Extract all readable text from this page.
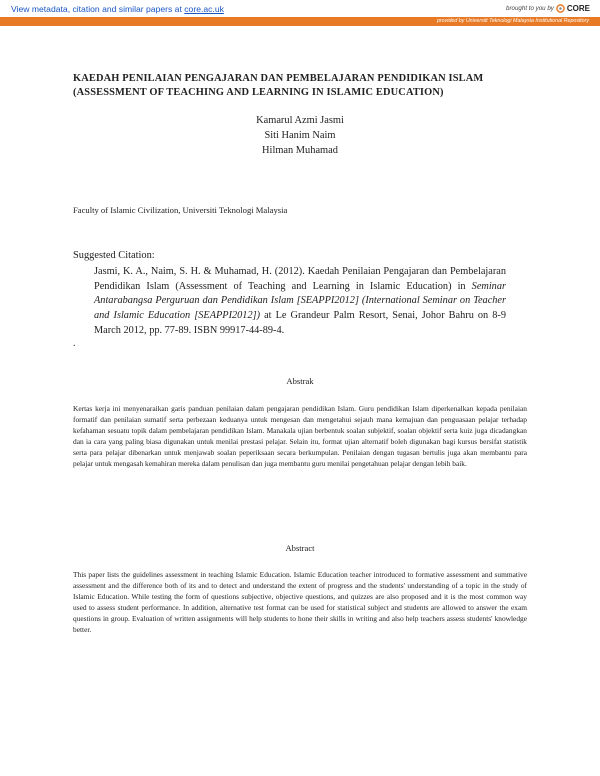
View metadata, citation and similar papers at core.ac.uk	brought to you by CORE
provided by Universiti Teknologi Malaysia Institutional Repository
KAEDAH PENILAIAN PENGAJARAN DAN PEMBELAJARAN PENDIDIKAN ISLAM
(ASSESSMENT OF TEACHING AND LEARNING IN ISLAMIC EDUCATION)
Kamarul Azmi Jasmi
Siti Hanim Naim
Hilman Muhamad
Faculty of Islamic Civilization, Universiti Teknologi Malaysia
Suggested Citation:
Jasmi, K. A., Naim, S. H. & Muhamad, H. (2012). Kaedah Penilaian Pengajaran dan Pembelajaran Pendidikan Islam (Assessment of Teaching and Learning in Islamic Education) in Seminar Antarabangsa Perguruan dan Pendidikan Islam [SEAPPI2012] (International Seminar on Teacher and Islamic Education [SEAPPI2012]) at Le Grandeur Palm Resort, Senai, Johor Bahru on 8-9 March 2012, pp. 77-89. ISBN 99917-44-89-4.
.
Abstrak
Kertas kerja ini menyenaraikan garis panduan penilaian dalam pengajaran pendidikan Islam. Guru pendidikan Islam diperkenalkan kepada penilaian formatif dan penilaian sumatif serta perbezaan keduanya untuk mengesan dan mengetahui sejauh mana kemajuan dan penguasaan pelajar terhadap kefahaman sesuatu topik dalam pembelajaran pendidikan Islam. Manakala ujian berbentuk soalan subjektif, soalan objektif serta kuiz juga dicadangkan dan ia cara yang paling biasa digunakan untuk menilai prestasi pelajar. Selain itu, format ujian alternatif boleh digunakan bagi kursus bersifat statistik serta para pelajar dibenarkan untuk menjawab soalan peperiksaan secara berkumpulan. Penilaian dengan tugasan bertulis juga akan membantu para pelajar untuk mengasah kemahiran mereka dalam penulisan dan juga membantu guru menilai pengetahuan pelajar dengan lebih baik.
Abstract
This paper lists the guidelines assessment in teaching Islamic Education. Islamic Education teacher introduced to formative assessment and summative assessment and the difference both of its and to detect and understand the extent of progress and the students' understanding of a topic in the study of Islamic Education. While testing the form of questions subjective, objective questions, and quizzes are also proposed and it is the most common way used to assess student performance. In addition, alternative test format can be used for statistical subject and students are allowed to answer the exam questions in group. Evaluation of written assignments will help students to hone their skills in writing and also help teachers assess students' knowledge better.
